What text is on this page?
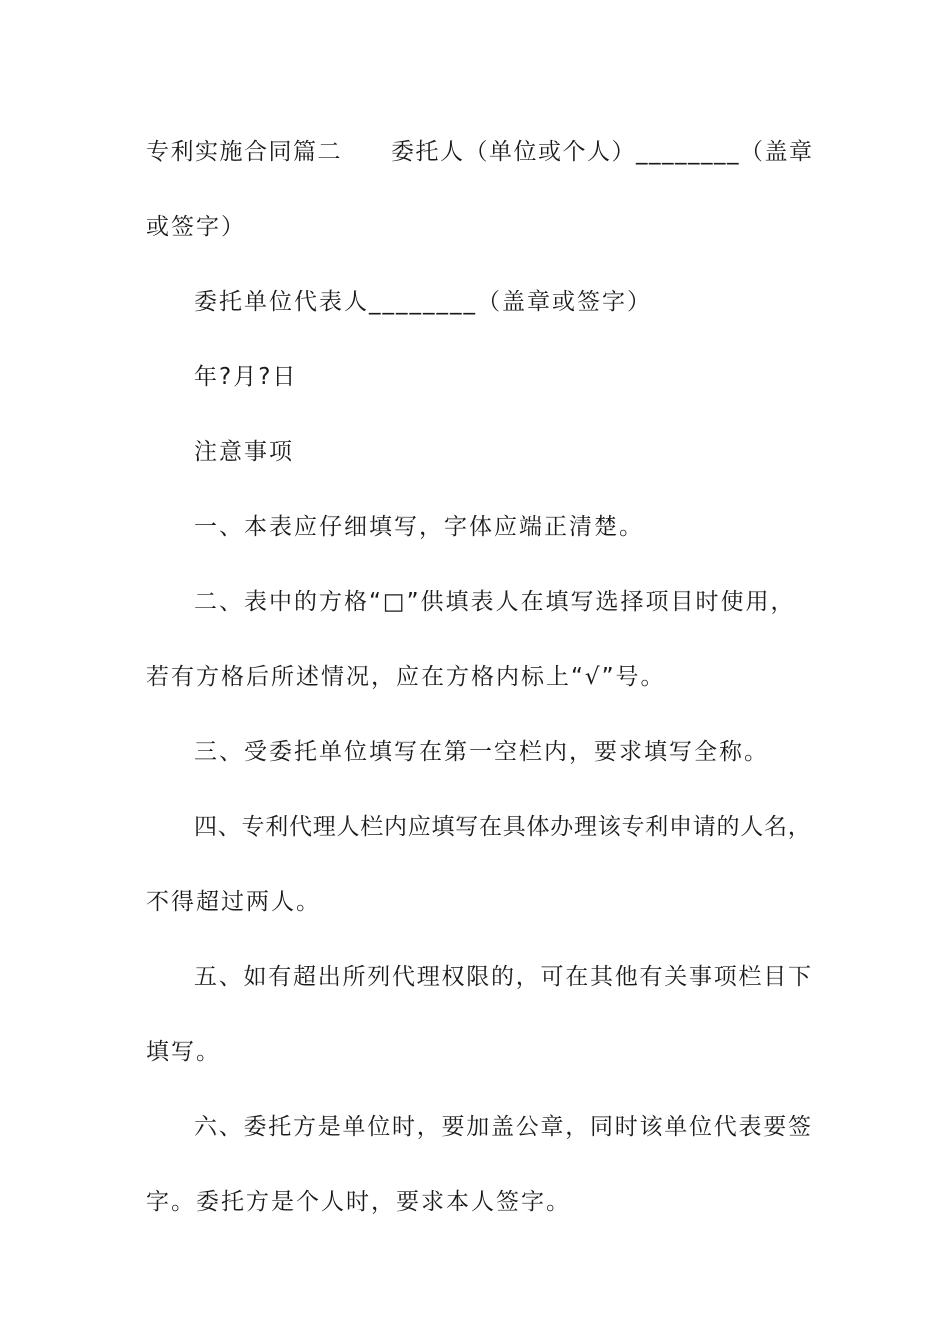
专利实施合同篇二　　委托人（单位或个人）________（盖章
或签字）
委托单位代表人________（盖章或签字）
年?月?日
注意事项
一、本表应仔细填写，字体应端正清楚。
二、表中的方格“□”供填表人在填写选择项目时使用，
若有方格后所述情况，应在方格内标上“√”号。
三、受委托单位填写在第一空栏内，要求填写全称。
四、专利代理人栏内应填写在具体办理该专利申请的人名，
不得超过两人。
五、如有超出所列代理权限的，可在其他有关事项栏目下
填写。
六、委托方是单位时，要加盖公章，同时该单位代表要签
字。委托方是个人时，要求本人签字。
